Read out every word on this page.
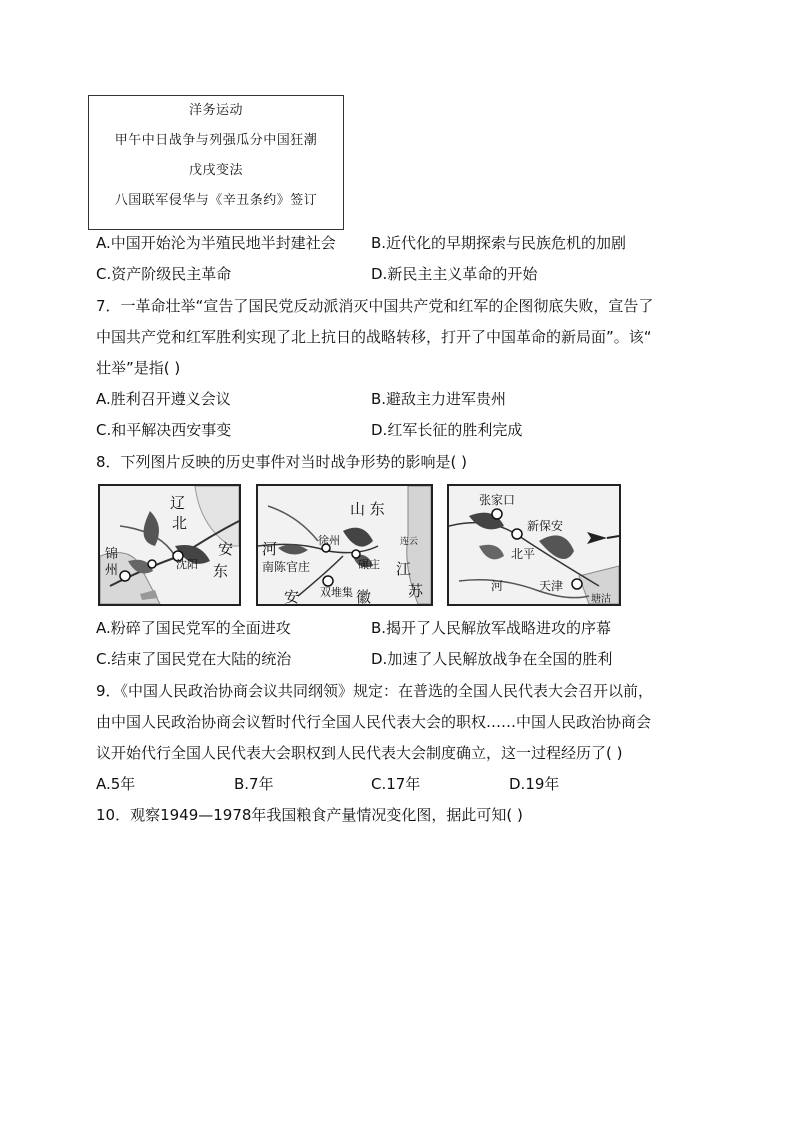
洋务运动
甲午中日战争与列强瓜分中国狂潮
戊戌变法
八国联军侵华与《辛丑条约》签订
A.中国开始沦为半殖民地半封建社会 B.近代化的早期探索与民族危机的加剧
C.资产阶级民主革命	D.新民主主义革命的开始
7．一革命壮举“宣告了国民党反动派消灭中国共产党和红军的企图彻底失败，宣告了
中国共产党和红军胜利实现了北上抗日的战略转移，打开了中国革命的新局面”。该“
壮举”是指( )
A.胜利召开遵义会议	B.避敌主力进军贵州
C.和平解决西安事变	D.红军长征的胜利完成
8．下列图片反映的历史事件对当时战争形势的影响是( )
辽
北
安
东
锦
州	沈阳
山 东
河	徐州
南陈官庄	碾庄 江
苏
双堆集
安	徽
连云
张家口
新保安
北平
天津
塘沽
河
A.粉碎了国民党军的全面进攻	B.揭开了人民解放军战略进攻的序幕
C.结束了国民党在大陆的统治	D.加速了人民解放战争在全国的胜利
9．《中国人民政治协商会议共同纲领》规定：在普选的全国人民代表大会召开以前，
由中国人民政治协商会议暂时代行全国人民代表大会的职权……中国人民政治协商会
议开始代行全国人民代表大会职权到人民代表大会制度确立，这一过程经历了( )
A.5年	B.7年	C.17年	D.19年
10．观察1949—1978年我国粮食产量情况变化图，据此可知( )
